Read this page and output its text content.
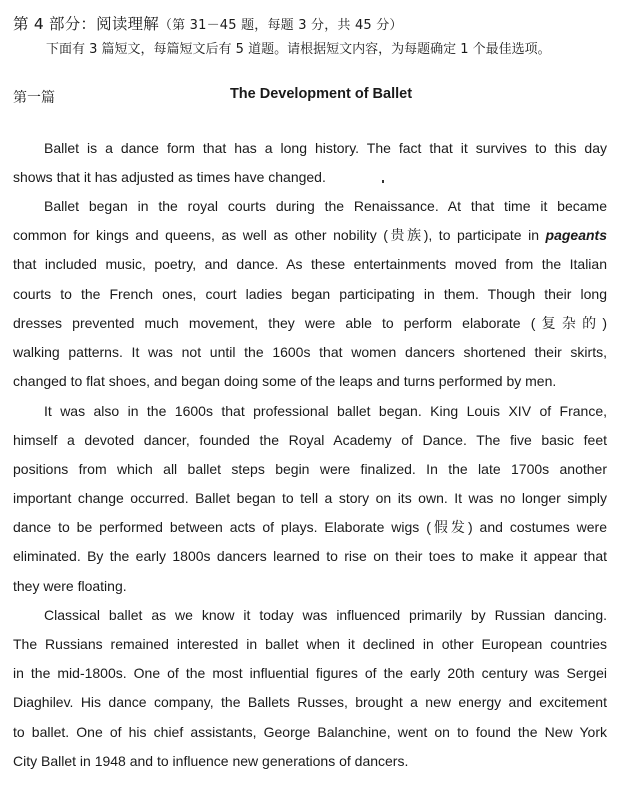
第 4 部分：阅读理解（第 31－45 题，每题 3 分，共 45 分）
下面有 3 篇短文，每篇短文后有 5 道题。请根据短文内容，为每题确定 1 个最佳选项。
第一篇	The Development of Ballet
Ballet is a dance form that has a long history. The fact that it survives to this day
shows that it has adjusted as times have changed.
Ballet began in the royal courts during the Renaissance. At that time it became
common for kings and queens, as well as other nobility (贵族), to participate in pageants
that included music, poetry, and dance. As these entertainments moved from the Italian
courts to the French ones, court ladies began participating in them. Though their long
dresses prevented much movement, they were able to perform elaborate (复杂的)
walking patterns. It was not until the 1600s that women dancers shortened their skirts,
changed to flat shoes, and began doing some of the leaps and turns performed by men.
It was also in the 1600s that professional ballet began. King Louis XIV of France,
himself a devoted dancer, founded the Royal Academy of Dance. The five basic feet
positions from which all ballet steps begin were finalized. In the late 1700s another
important change occurred. Ballet began to tell a story on its own. It was no longer simply
dance to be performed between acts of plays. Elaborate wigs (假发) and costumes were
eliminated. By the early 1800s dancers learned to rise on their toes to make it appear that
they were floating.
Classical ballet as we know it today was influenced primarily by Russian dancing.
The Russians remained interested in ballet when it declined in other European countries
in the mid-1800s. One of the most influential figures of the early 20th century was Sergei
Diaghilev. His dance company, the Ballets Russes, brought a new energy and excitement
to ballet. One of his chief assistants, George Balanchine, went on to found the New York
City Ballet in 1948 and to influence new generations of dancers.
